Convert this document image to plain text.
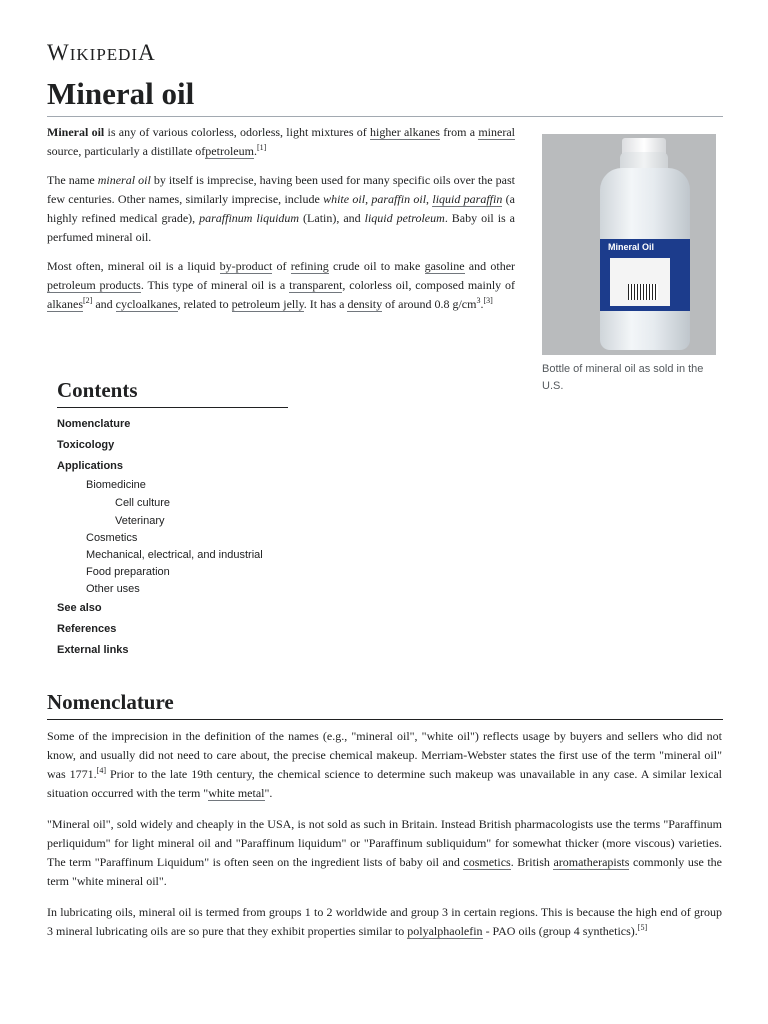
WIKIPEDIA
Mineral oil

Mineral oil is any of various colorless, odorless, light mixtures of higher alkanes from a mineral source, particularly a distillate ofpetroleum.[1]

The name mineral oil by itself is imprecise, having been used for many specific oils over the past few centuries. Other names, similarly imprecise, include white oil, paraffin oil, liquid paraffin (a highly refined medical grade), paraffinum liquidum (Latin), and liquid petroleum. Baby oil is a perfumed mineral oil.

Most often, mineral oil is a liquid by-product of refining crude oil to make gasoline and other petroleum products. This type of mineral oil is a transparent, colorless oil, composed mainly of alkanes[2] and cycloalkanes, related to petroleum jelly. It has a density of around 0.8 $g/cm^3.[3]$

Mineral Oil
Bottle of mineral oil as sold in the U.S.
Contents
Nomenclature
Toxicology
Applications
Biomedicine
Cell culture
Veterinary
Cosmetics
Mechanical, electrical, and industrial
Food preparation
Other uses
See also
References
External links
Nomenclature

Some of the imprecision in the definition of the names (e.g., "mineral oil", "white oil") reflects usage by buyers and sellers who did not know, and usually did not need to care about, the precise chemical makeup. Merriam-Webster states the first use of the term "mineral oil" was 1771.[4] Prior to the late 19th century, the chemical science to determine such makeup was unavailable in any case. A similar lexical situation occurred with the term "white metal".

"Mineral oil", sold widely and cheaply in the USA, is not sold as such in Britain. Instead British pharmacologists use the terms "Paraffinum perliquidum" for light mineral oil and "Paraffinum liquidum" or "Paraffinum subliquidum" for somewhat thicker (more viscous) varieties. The term "Paraffinum Liquidum" is often seen on the ingredient lists of baby oil and cosmetics. British aromatherapists commonly use the term "white mineral oil".

In lubricating oils, mineral oil is termed from groups 1 to 2 worldwide and group 3 in certain regions. This is because the high end of group 3 mineral lubricating oils are so pure that they exhibit properties similar to polyalphaolefin - PAO oils (group 4 synthetics).[5]
